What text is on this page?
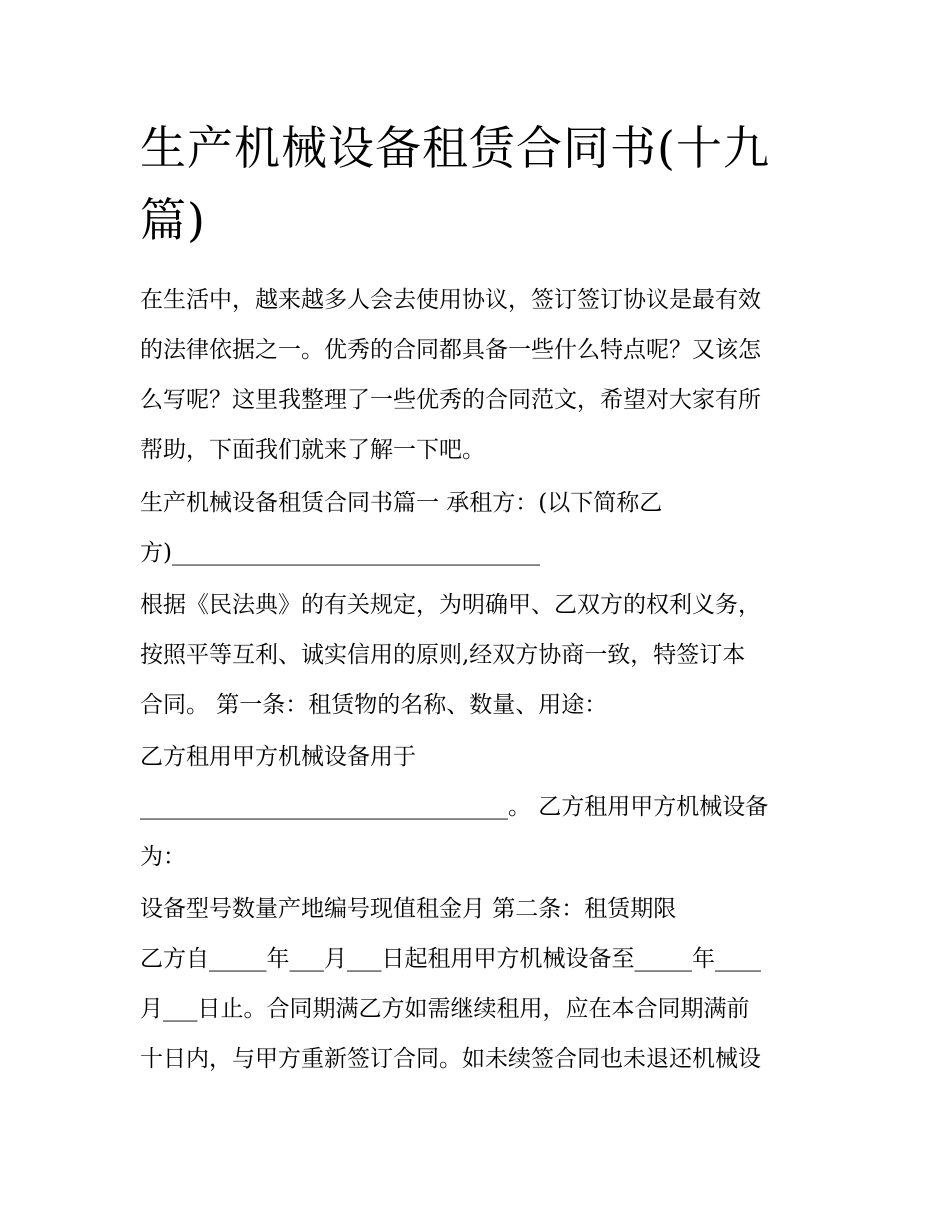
生产机械设备租赁合同书(十九
篇)

在生活中，越来越多人会去使用协议，签订签订协议是最有效

的法律依据之一。优秀的合同都具备一些什么特点呢？又该怎

么写呢？这里我整理了一些优秀的合同范文，希望对大家有所

帮助，下面我们就来了解一下吧。

生产机械设备租赁合同书篇一 承租方：(以下简称乙

方)________________________________

根据《民法典》的有关规定，为明确甲、乙双方的权利义务，

按照平等互利、诚实信用的原则,经双方协商一致，特签订本

合同。 第一条：租赁物的名称、数量、用途：

乙方租用甲方机械设备用于

________________________________。 乙方租用甲方机械设备

为：

设备型号数量产地编号现值租金月 第二条：租赁期限

乙方自_____年___月___日起租用甲方机械设备至_____年____

月___日止。合同期满乙方如需继续租用，应在本合同期满前

十日内，与甲方重新签订合同。如未续签合同也未退还机械设
